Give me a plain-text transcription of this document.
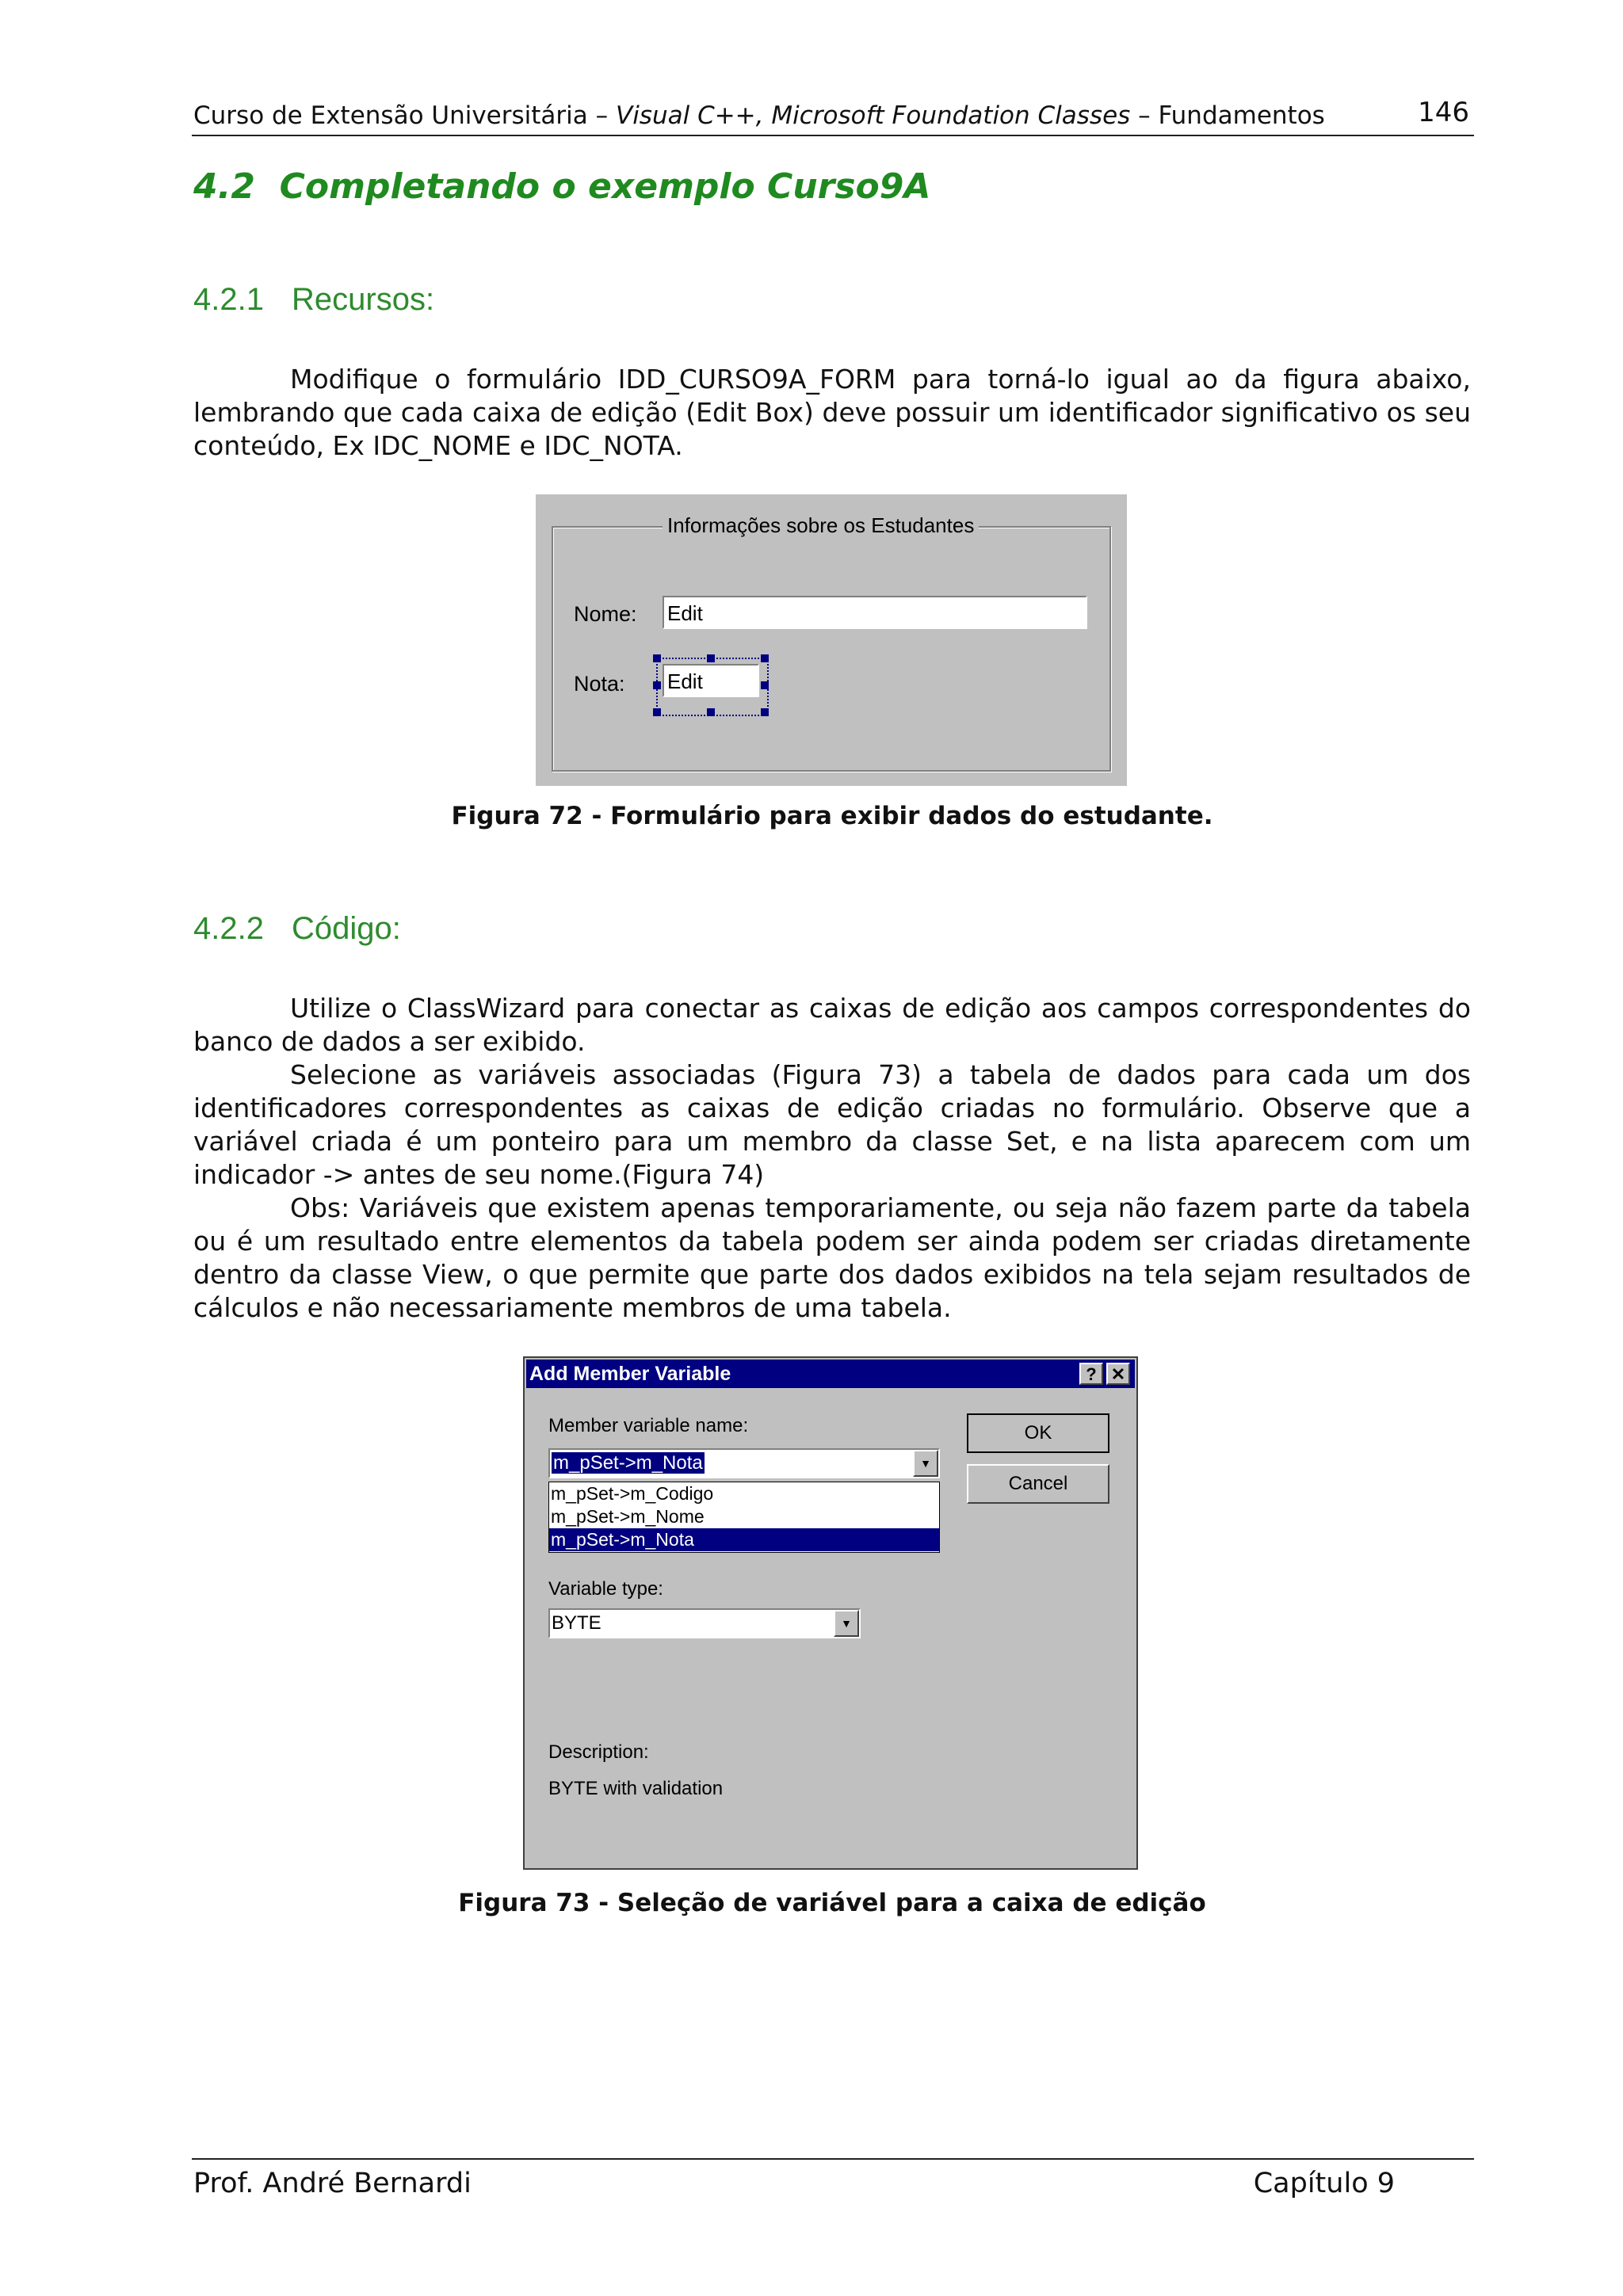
Curso de Extensão Universitária – Visual C++, Microsoft Foundation Classes – Fundamentos	146
4.2 Completando o exemplo Curso9A
4.2.1 Recursos:

Modifique o formulário IDD_CURSO9A_FORM para torná-lo igual ao da figura abaixo, lembrando que cada caixa de edição (Edit Box) deve possuir um identificador significativo os seu conteúdo, Ex IDC_NOME e IDC_NOTA.

Informações sobre os Estudantes
Nome: Edit
Nota: Edit
Figura 72 - Formulário para exibir dados do estudante.
4.2.2 Código:

Utilize o ClassWizard para conectar as caixas de edição aos campos correspondentes do banco de dados a ser exibido.

Selecione as variáveis associadas (Figura 73) a tabela de dados para cada um dos identificadores correspondentes as caixas de edição criadas no formulário. Observe que a variável criada é um ponteiro para um membro da classe Set, e na lista aparecem com um indicador -> antes de seu nome.(Figura 74)

Obs: Variáveis que existem apenas temporariamente, ou seja não fazem parte da tabela ou é um resultado entre elementos da tabela podem ser ainda podem ser criadas diretamente dentro da classe View, o que permite que parte dos dados exibidos na tela sejam resultados de cálculos e não necessariamente membros de uma tabela.

Add Member Variable	? ✕
Member variable name:
m_pSet->m_Nota	▼
m_pSet->m_Codigo
m_pSet->m_Nome
m_pSet->m_Nota
OK
Cancel
Variable type:
BYTE	▼
Description:
BYTE with validation
Figura 73 - Seleção de variável para a caixa de edição
Prof. André Bernardi	Capítulo 9
